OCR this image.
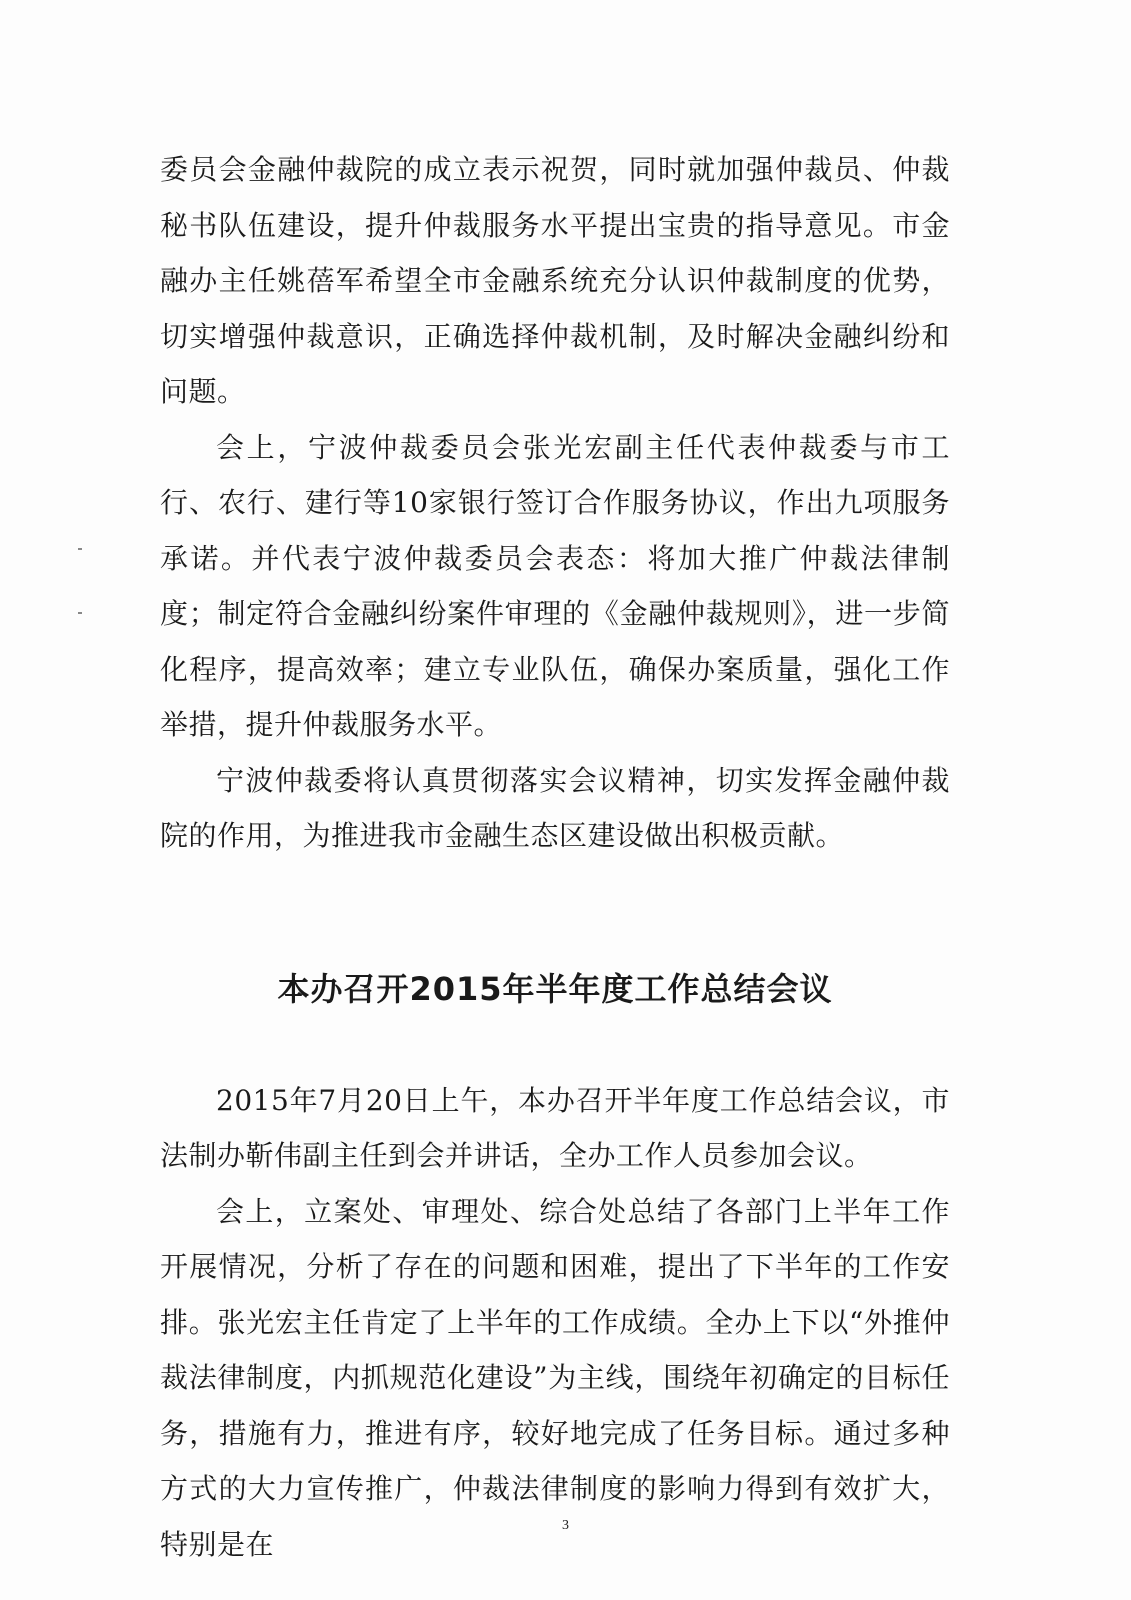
委员会金融仲裁院的成立表示祝贺，同时就加强仲裁员、仲裁秘书队伍建设，提升仲裁服务水平提出宝贵的指导意见。市金融办主任姚蓓军希望全市金融系统充分认识仲裁制度的优势，切实增强仲裁意识，正确选择仲裁机制，及时解决金融纠纷和问题。

会上，宁波仲裁委员会张光宏副主任代表仲裁委与市工行、农行、建行等10家银行签订合作服务协议，作出九项服务承诺。并代表宁波仲裁委员会表态：将加大推广仲裁法律制度；制定符合金融纠纷案件审理的《金融仲裁规则》，进一步简化程序，提高效率；建立专业队伍，确保办案质量，强化工作举措，提升仲裁服务水平。

宁波仲裁委将认真贯彻落实会议精神，切实发挥金融仲裁院的作用，为推进我市金融生态区建设做出积极贡献。

本办召开2015年半年度工作总结会议

2015年7月20日上午，本办召开半年度工作总结会议，市法制办靳伟副主任到会并讲话，全办工作人员参加会议。

会上，立案处、审理处、综合处总结了各部门上半年工作开展情况，分析了存在的问题和困难，提出了下半年的工作安排。张光宏主任肯定了上半年的工作成绩。全办上下以“外推仲裁法律制度，内抓规范化建设”为主线，围绕年初确定的目标任务，措施有力，推进有序，较好地完成了任务目标。通过多种方式的大力宣传推广，仲裁法律制度的影响力得到有效扩大，特别是在

3
